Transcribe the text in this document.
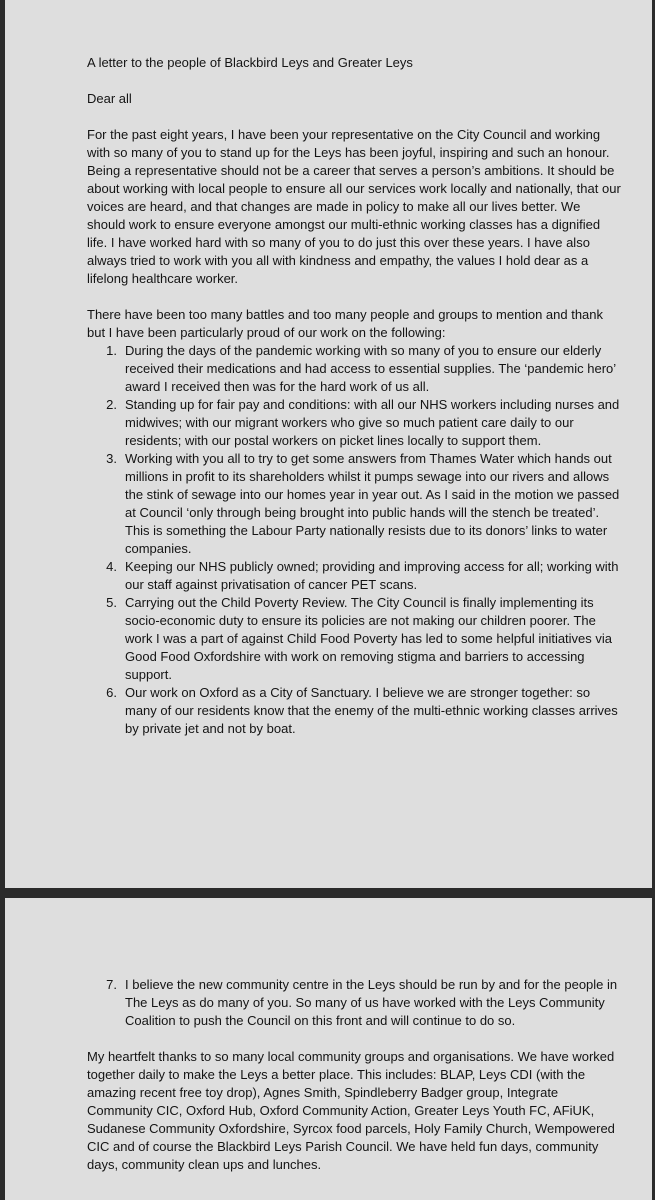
A letter to the people of Blackbird Leys and Greater Leys

Dear all

For the past eight years, I have been your representative on the City Council and working with so many of you to stand up for the Leys has been joyful, inspiring and such an honour. Being a representative should not be a career that serves a person’s ambitions. It should be about working with local people to ensure all our services work locally and nationally, that our voices are heard, and that changes are made in policy to make all our lives better. We should work to ensure everyone amongst our multi-ethnic working classes has a dignified life. I have worked hard with so many of you to do just this over these years. I have also always tried to work with you all with kindness and empathy, the values I hold dear as a lifelong healthcare worker.

There have been too many battles and too many people and groups to mention and thank but I have been particularly proud of our work on the following:

1. During the days of the pandemic working with so many of you to ensure our elderly received their medications and had access to essential supplies. The ‘pandemic hero’ award I received then was for the hard work of us all.
2. Standing up for fair pay and conditions: with all our NHS workers including nurses and midwives; with our migrant workers who give so much patient care daily to our residents; with our postal workers on picket lines locally to support them.
3. Working with you all to try to get some answers from Thames Water which hands out millions in profit to its shareholders whilst it pumps sewage into our rivers and allows the stink of sewage into our homes year in year out. As I said in the motion we passed at Council ‘only through being brought into public hands will the stench be treated’. This is something the Labour Party nationally resists due to its donors’ links to water companies.
4. Keeping our NHS publicly owned; providing and improving access for all; working with our staff against privatisation of cancer PET scans.
5. Carrying out the Child Poverty Review. The City Council is finally implementing its socio-economic duty to ensure its policies are not making our children poorer. The work I was a part of against Child Food Poverty has led to some helpful initiatives via Good Food Oxfordshire with work on removing stigma and barriers to accessing support.
6. Our work on Oxford as a City of Sanctuary. I believe we are stronger together: so many of our residents know that the enemy of the multi-ethnic working classes arrives by private jet and not by boat.
7. I believe the new community centre in the Leys should be run by and for the people in The Leys as do many of you. So many of us have worked with the Leys Community Coalition to push the Council on this front and will continue to do so.

My heartfelt thanks to so many local community groups and organisations. We have worked together daily to make the Leys a better place. This includes: BLAP, Leys CDI (with the amazing recent free toy drop), Agnes Smith, Spindleberry Badger group, Integrate Community CIC, Oxford Hub, Oxford Community Action, Greater Leys Youth FC, AFiUK, Sudanese Community Oxfordshire, Syrcox food parcels, Holy Family Church, Wempowered CIC and of course the Blackbird Leys Parish Council. We have held fun days, community days, community clean ups and lunches.
